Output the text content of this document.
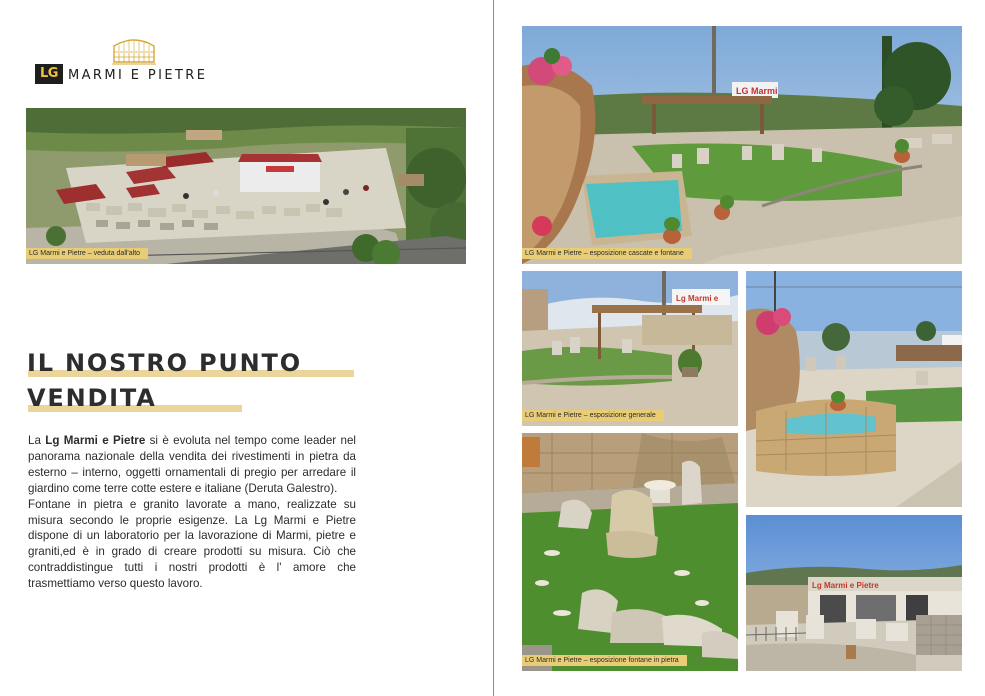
LG MARMI E PIETRE
LG Marmi e Pietre – veduta dall'alto
IL NOSTRO PUNTO
VENDITA

La Lg Marmi e Pietre si è evoluta nel tempo come leader nel panorama nazionale della vendita dei rivestimenti in pietra da esterno – interno, oggetti ornamentali di pregio per arredare il giardino come terre cotte estere e italiane (Deruta Galestro).

Fontane in pietra e granito lavorate a mano, realizzate su misura secondo le proprie esigenze. La Lg Marmi e Pietre dispone di un laboratorio per la lavorazione di Marmi, pietre e graniti,ed è in grado di creare prodotti su misura. Ciò che contraddistingue tutti i nostri prodotti è l' amore che trasmettiamo verso questo lavoro.

LG Marmi
LG Marmi e Pietre – esposizione cascate e fontane
Lg Marmi e
LG Marmi e Pietre – esposizione generale
LG Marmi e Pietre – esposizione fontane in pietra
Lg Marmi e Pietre
